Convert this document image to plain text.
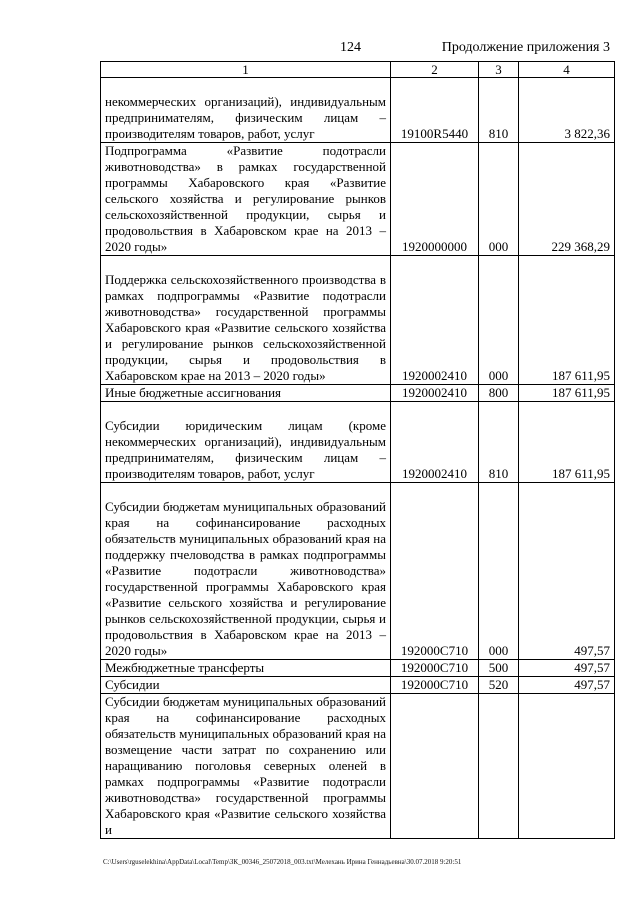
124	Продолжение приложения 3
1	2	3	4
некоммерческих организаций), индивидуальным предпринимателям, физическим лицам – производителям товаров, работ, услуг	19100R5440	810	3 822,36
Подпрограмма «Развитие подотрасли животноводства» в рамках государственной программы Хабаровского края «Развитие сельского хозяйства и регулирование рынков сельскохозяйственной продукции, сырья и продовольствия в Хабаровском крае на 2013 – 2020 годы»	1920000000	000	229 368,29
Поддержка сельскохозяйственного производства в рамках подпрограммы «Развитие подотрасли животноводства» государственной программы Хабаровского края «Развитие сельского хозяйства и регулирование рынков сельскохозяйственной продукции, сырья и продовольствия в Хабаровском крае на 2013 – 2020 годы»	1920002410	000	187 611,95
Иные бюджетные ассигнования	1920002410	800	187 611,95
Субсидии юридическим лицам (кроме некоммерческих организаций), индивидуальным предпринимателям, физическим лицам – производителям товаров, работ, услуг	1920002410	810	187 611,95
Субсидии бюджетам муниципальных образований края на софинансирование расходных обязательств муниципальных образований края на поддержку пчеловодства в рамках подпрограммы «Развитие подотрасли животноводства» государственной программы Хабаровского края «Развитие сельского хозяйства и регулирование рынков сельскохозяйственной продукции, сырья и продовольствия в Хабаровском крае на 2013 – 2020 годы»	192000С710	000	497,57
Межбюджетные трансферты	192000С710	500	497,57
Субсидии	192000С710	520	497,57
Субсидии бюджетам муниципальных образований края на софинансирование расходных обязательств муниципальных образований края на возмещение части затрат по сохранению или наращиванию поголовья северных оленей в рамках подпрограммы «Развитие подотрасли животноводства» государственной программы Хабаровского края «Развитие сельского хозяйства и			
C:\Users\rguselekhina\AppData\Local\Temp\ЗК_00346_25072018_003.txt\Мелехань Ирина Геннадьевна\30.07.2018 9:20:51
